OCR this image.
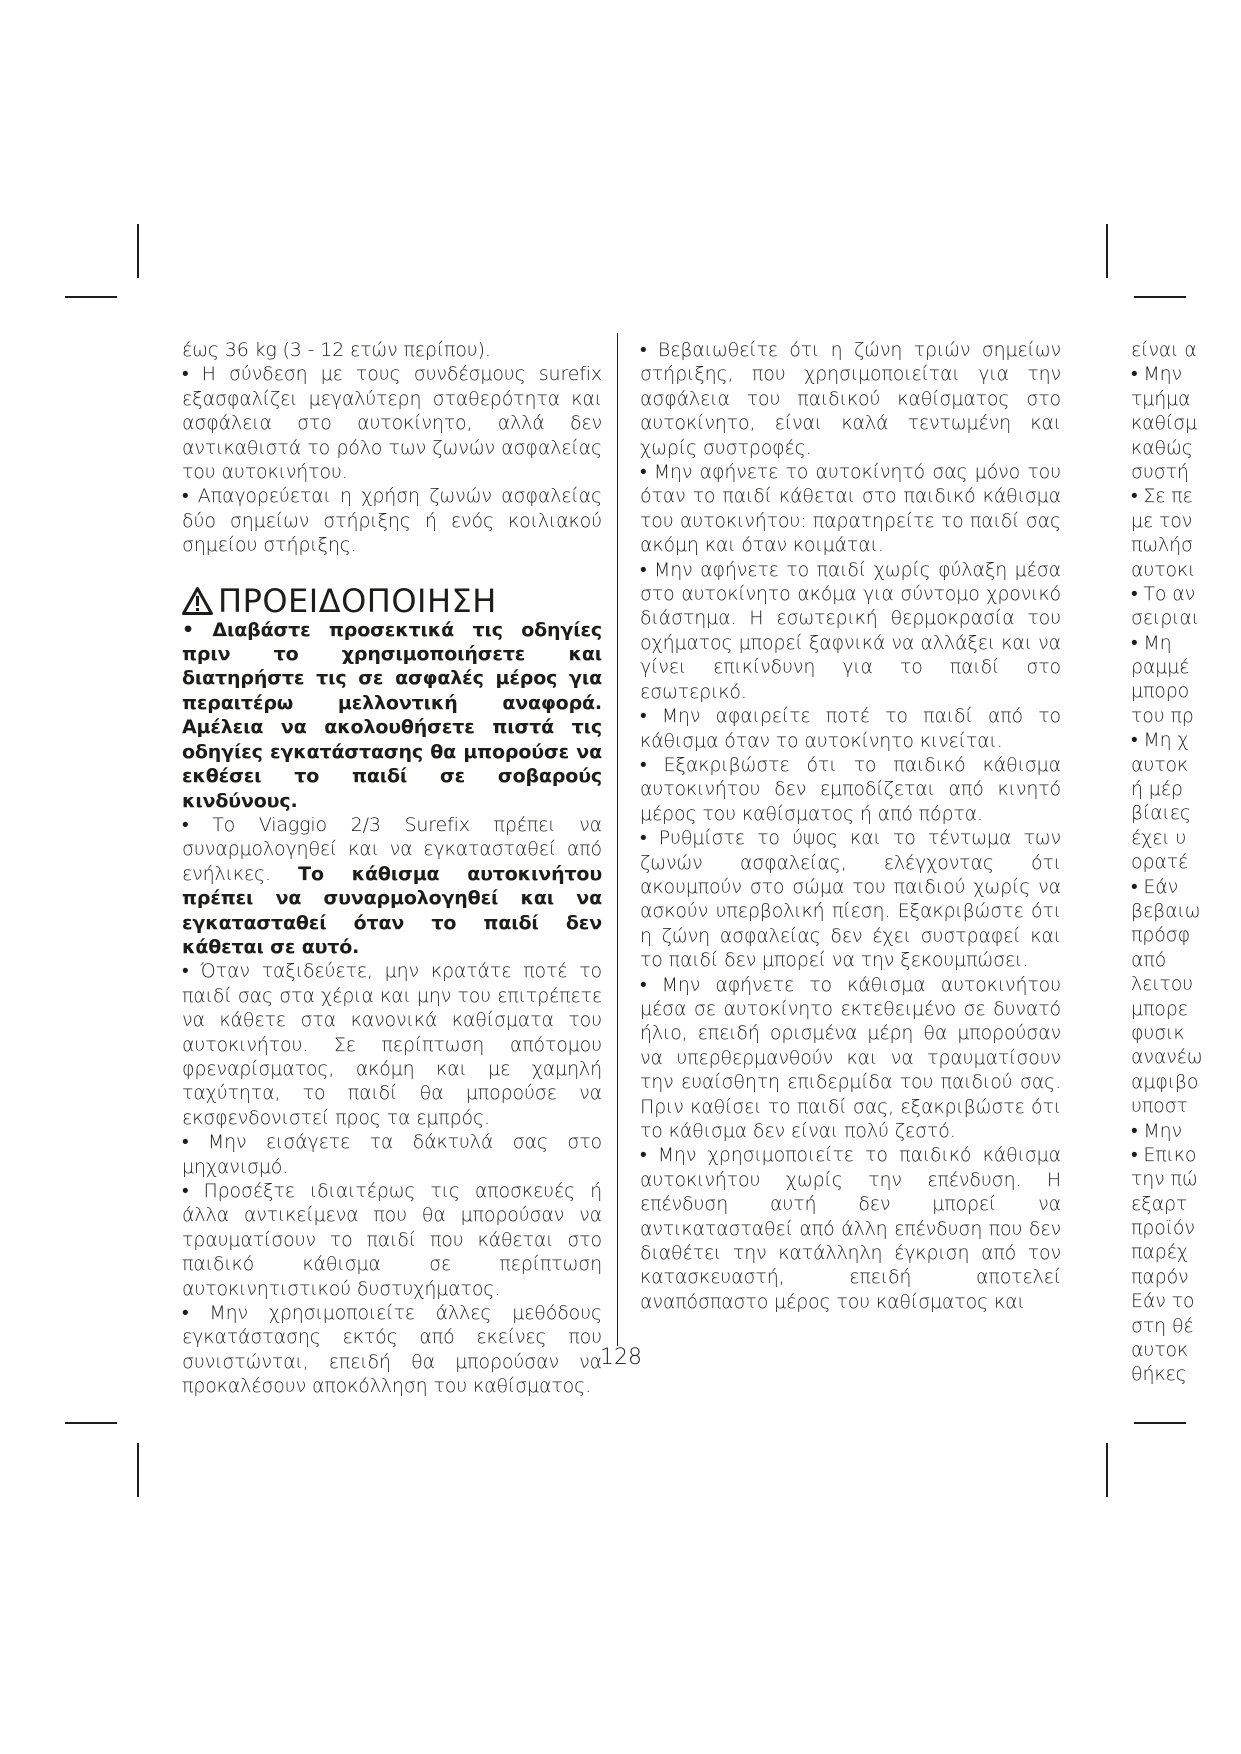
έως 36 kg (3 - 12 ετών περίπου).

• Η σύνδεση με τους συνδέσμους surefix εξασφαλίζει μεγαλύτερη σταθερότητα και ασφάλεια στο αυτοκίνητο, αλλά δεν αντικαθιστά το ρόλο των ζωνών ασφαλείας του αυτοκινήτου.

• Απαγορεύεται η χρήση ζωνών ασφαλείας δύο σημείων στήριξης ή ενός κοιλιακού σημείου στήριξης.

ΠΡΟΕΙΔΟΠΟΙΗΣΗ

• Διαβάστε προσεκτικά τις οδηγίες πριν το χρησιμοποιήσετε και διατηρήστε τις σε ασφαλές μέρος για περαιτέρω μελλοντική αναφορά. Αμέλεια να ακολουθήσετε πιστά τις οδηγίες εγκατάστασης θα μπορούσε να εκθέσει το παιδί σε σοβαρούς κινδύνους.

• Το Viaggio 2/3 Surefix πρέπει να συναρμολογηθεί και να εγκατασταθεί από ενήλικες. Το κάθισμα αυτοκινήτου πρέπει να συναρμολογηθεί και να εγκατασταθεί όταν το παιδί δεν κάθεται σε αυτό.

• Όταν ταξιδεύετε, μην κρατάτε ποτέ το παιδί σας στα χέρια και μην του επιτρέπετε να κάθετε στα κανονικά καθίσματα του αυτοκινήτου. Σε περίπτωση απότομου φρεναρίσματος, ακόμη και με χαμηλή ταχύτητα, το παιδί θα μπορούσε να εκσφενδονιστεί προς τα εμπρός.

• Μην εισάγετε τα δάκτυλά σας στο μηχανισμό.

• Προσέξτε ιδιαιτέρως τις αποσκευές ή άλλα αντικείμενα που θα μπορούσαν να τραυματίσουν το παιδί που κάθεται στο παιδικό κάθισμα σε περίπτωση αυτοκινητιστικού δυστυχήματος.

• Μην χρησιμοποιείτε άλλες μεθόδους εγκατάστασης εκτός από εκείνες που συνιστώνται, επειδή θα μπορούσαν να προκαλέσουν αποκόλληση του καθίσματος.

• Βεβαιωθείτε ότι η ζώνη τριών σημείων στήριξης, που χρησιμοποιείται για την ασφάλεια του παιδικού καθίσματος στο αυτοκίνητο, είναι καλά τεντωμένη και χωρίς συστροφές.

• Μην αφήνετε το αυτοκίνητό σας μόνο του όταν το παιδί κάθεται στο παιδικό κάθισμα του αυτοκινήτου: παρατηρείτε το παιδί σας ακόμη και όταν κοιμάται.

• Μην αφήνετε το παιδί χωρίς φύλαξη μέσα στο αυτοκίνητο ακόμα για σύντομο χρονικό διάστημα. Η εσωτερική θερμοκρασία του οχήματος μπορεί ξαφνικά να αλλάξει και να γίνει επικίνδυνη για το παιδί στο εσωτερικό.

• Μην αφαιρείτε ποτέ το παιδί από το κάθισμα όταν το αυτοκίνητο κινείται.

• Εξακριβώστε ότι το παιδικό κάθισμα αυτοκινήτου δεν εμποδίζεται από κινητό μέρος του καθίσματος ή από πόρτα.

• Ρυθμίστε το ύψος και το τέντωμα των ζωνών ασφαλείας, ελέγχοντας ότι ακουμπούν στο σώμα του παιδιού χωρίς να ασκούν υπερβολική πίεση. Εξακριβώστε ότι η ζώνη ασφαλείας δεν έχει συστραφεί και το παιδί δεν μπορεί να την ξεκουμπώσει.

• Μην αφήνετε το κάθισμα αυτοκινήτου μέσα σε αυτοκίνητο εκτεθειμένο σε δυνατό ήλιο, επειδή ορισμένα μέρη θα μπορούσαν να υπερθερμανθούν και να τραυματίσουν την ευαίσθητη επιδερμίδα του παιδιού σας. Πριν καθίσει το παιδί σας, εξακριβώστε ότι το κάθισμα δεν είναι πολύ ζεστό.

• Μην χρησιμοποιείτε το παιδικό κάθισμα αυτοκινήτου χωρίς την επένδυση. Η επένδυση αυτή δεν μπορεί να αντικατασταθεί από άλλη επένδυση που δεν διαθέτει την κατάλληλη έγκριση από τον κατασκευαστή, επειδή αποτελεί αναπόσπαστο μέρος του καθίσματος και

είναι α
• Μην
τμήμα
καθίσμ
καθώς
συστή
• Σε πε
με τον
πωλήσ
αυτοκι
• Το αν
σειριαι
• Μη
ραμμέ
μπορο
του πρ
• Μη χ
αυτοκ
ή μέρ
βίαιες
έχει υ
ορατέ
• Εάν
βεβαιω
πρόσφ
από
λειτου
μπορε
φυσικ
ανανέω
αμφιβο
υποστ
• Μην
• Επικο
την πώ
εξαρτ
προϊόν
παρέχ
παρόν
Εάν το
στη θέ
αυτοκ
θήκες
128
